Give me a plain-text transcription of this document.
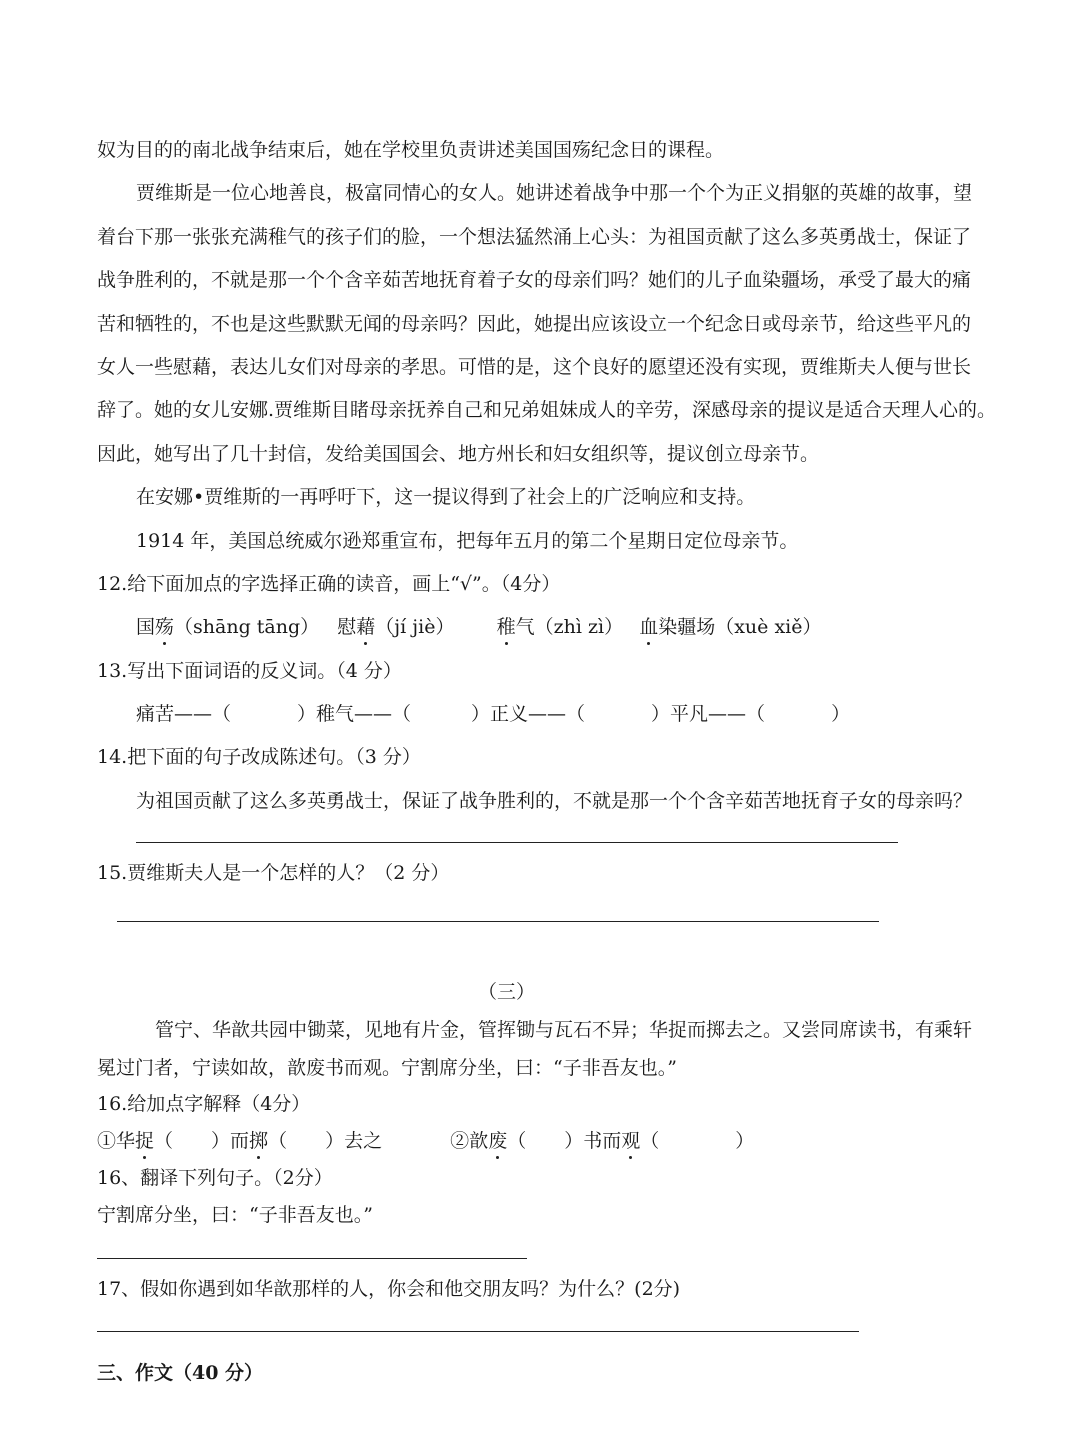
奴为目的的南北战争结束后，她在学校里负责讲述美国国殇纪念日的课程。
贾维斯是一位心地善良，极富同情心的女人。她讲述着战争中那一个个为正义捐躯的英雄的故事，望
着台下那一张张充满稚气的孩子们的脸，一个想法猛然涌上心头：为祖国贡献了这么多英勇战士，保证了
战争胜利的，不就是那一个个含辛茹苦地抚育着子女的母亲们吗？她们的儿子血染疆场，承受了最大的痛
苦和牺牲的，不也是这些默默无闻的母亲吗？因此，她提出应该设立一个纪念日或母亲节，给这些平凡的
女人一些慰藉，表达儿女们对母亲的孝思。可惜的是，这个良好的愿望还没有实现，贾维斯夫人便与世长
辞了。她的女儿安娜.贾维斯目睹母亲抚养自己和兄弟姐妹成人的辛劳，深感母亲的提议是适合天理人心的。
因此，她写出了几十封信，发给美国国会、地方州长和妇女组织等，提议创立母亲节。
在安娜•贾维斯的一再呼吁下，这一提议得到了社会上的广泛响应和支持。
1914 年，美国总统威尔逊郑重宣布，把每年五月的第二个星期日定位母亲节。
12.给下面加点的字选择正确的读音，画上“√”。（4分）
国殇（shāng tāng） 慰藉（jí jiè） 稚气（zhì zì） 血染疆场（xuè xiě）
13.写出下面词语的反义词。（4 分）
痛苦——（	）稚气——（	）正义——（	）平凡——（	）
14.把下面的句子改成陈述句。（3 分）
为祖国贡献了这么多英勇战士，保证了战争胜利的，不就是那一个个含辛茹苦地抚育子女的母亲吗？
15.贾维斯夫人是一个怎样的人？（2 分）
（三）
管宁、华歆共园中锄菜，见地有片金，管挥锄与瓦石不异；华捉而掷去之。又尝同席读书，有乘轩
冕过门者，宁读如故，歆废书而观。宁割席分坐，曰：“子非吾友也。”
16.给加点字解释（4分）
①华捉（　　）而掷（　　）去之	②歆废（　　）书而观（　　　　）
16、翻译下列句子。（2分）
宁割席分坐，曰：“子非吾友也。”
17、假如你遇到如华歆那样的人，你会和他交朋友吗？为什么？(2分)
三、作文（40 分）
